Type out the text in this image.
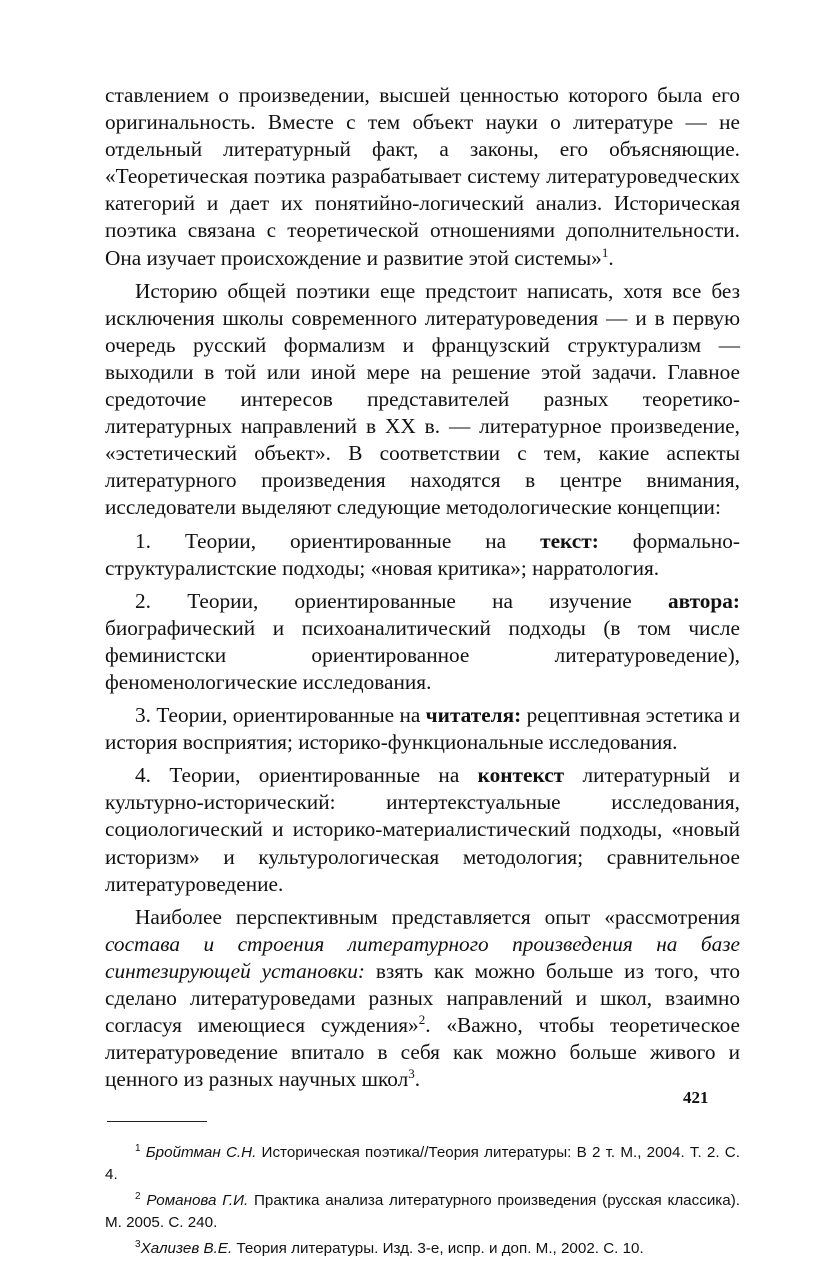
ставлением о произведении, высшей ценностью которого была его оригинальность. Вместе с тем объект науки о литературе — не отдельный литературный факт, а законы, его объясняющие. «Теоретическая поэтика разрабатывает систему литературоведческих категорий и дает их понятийно-логический анализ. Историческая поэтика связана с теоретической отношениями дополнительности. Она изучает происхождение и развитие этой системы»$^1$.

Историю общей поэтики еще предстоит написать, хотя все без исключения школы современного литературоведения — и в первую очередь русский формализм и французский структурализм — выходили в той или иной мере на решение этой задачи. Главное средоточие интересов представителей разных теоретико-литературных направлений в XX в. — литературное произведение, «эстетический объект». В соответствии с тем, какие аспекты литературного произведения находятся в центре внимания, исследователи выделяют следующие методологические концепции:

1. Теории, ориентированные на текст: формально-структуралистские подходы; «новая критика»; нарратология.

2. Теории, ориентированные на изучение автора: биографический и психоаналитический подходы (в том числе феминистски ориентированное литературоведение), феноменологические исследования.

3. Теории, ориентированные на читателя: рецептивная эстетика и история восприятия; историко-функциональные исследования.

4. Теории, ориентированные на контекст литературный и культурно-исторический: интертекстуальные исследования, социологический и историко-материалистический подходы, «новый историзм» и культурологическая методология; сравнительное литературоведение.

Наиболее перспективным представляется опыт «рассмотрения состава и строения литературного произведения на базе синтезирующей установки: взять как можно больше из того, что сделано литературоведами разных направлений и школ, взаимно согласуя имеющиеся суждения»$^2$. «Важно, чтобы теоретическое литературоведение впитало в себя как можно больше живого и ценного из разных научных школ$^3$.

$^1$ Бройтман С.Н. Историческая поэтика//Теория литературы: В 2 т. М., 2004. Т. 2. С. 4.

$^2$ Романова Г.И. Практика анализа литературного произведения (русская классика). М. 2005. С. 240.

$^3$Хализев В.Е. Теория литературы. Изд. 3-е, испр. и доп. М., 2002. С. 10.

421
